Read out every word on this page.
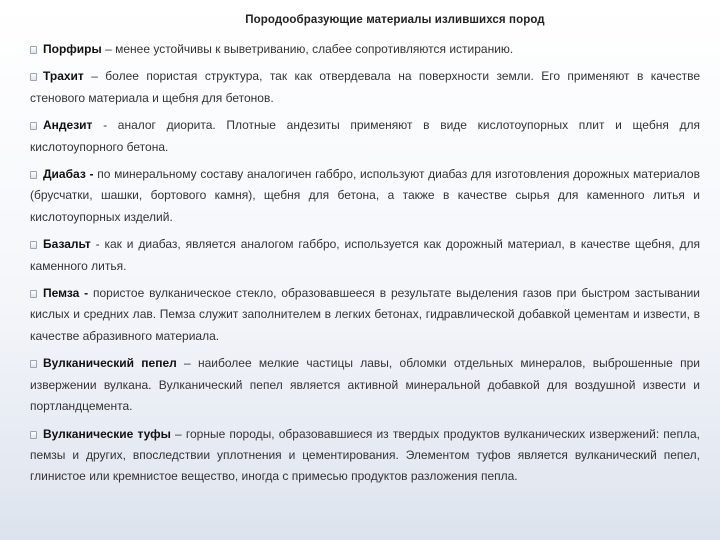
Породообразующие материалы излившихся пород

Порфиры – менее устойчивы к выветриванию, слабее сопротивляются истиранию.

Трахит – более пористая структура, так как отвердевала на поверхности земли. Его применяют в качестве стенового материала и щебня для бетонов.

Андезит - аналог диорита. Плотные андезиты применяют в виде кислотоупорных плит и щебня для кислотоупорного бетона.

Диабаз - по минеральному составу аналогичен габбро, используют диабаз для изготовления дорожных материалов (брусчатки, шашки, бортового камня), щебня для бетона, а также в качестве сырья для каменного литья и кислотоупорных изделий.

Базальт - как и диабаз, является аналогом габбро, используется как дорожный материал, в качестве щебня, для каменного литья.

Пемза - пористое вулканическое стекло, образовавшееся в результате выделения газов при быстром застывании кислых и средних лав. Пемза служит заполнителем в легких бетонах, гидравлической добавкой цементам и извести, в качестве абразивного материала.

Вулканический пепел – наиболее мелкие частицы лавы, обломки отдельных минералов, выброшенные при извержении вулкана. Вулканический пепел является активной минеральной добавкой для воздушной извести и портландцемента.

Вулканические туфы – горные породы, образовавшиеся из твердых продуктов вулканических извержений: пепла, пемзы и других, впоследствии уплотнения и цементирования. Элементом туфов является вулканический пепел, глинистое или кремнистое вещество, иногда с примесью продуктов разложения пепла.
